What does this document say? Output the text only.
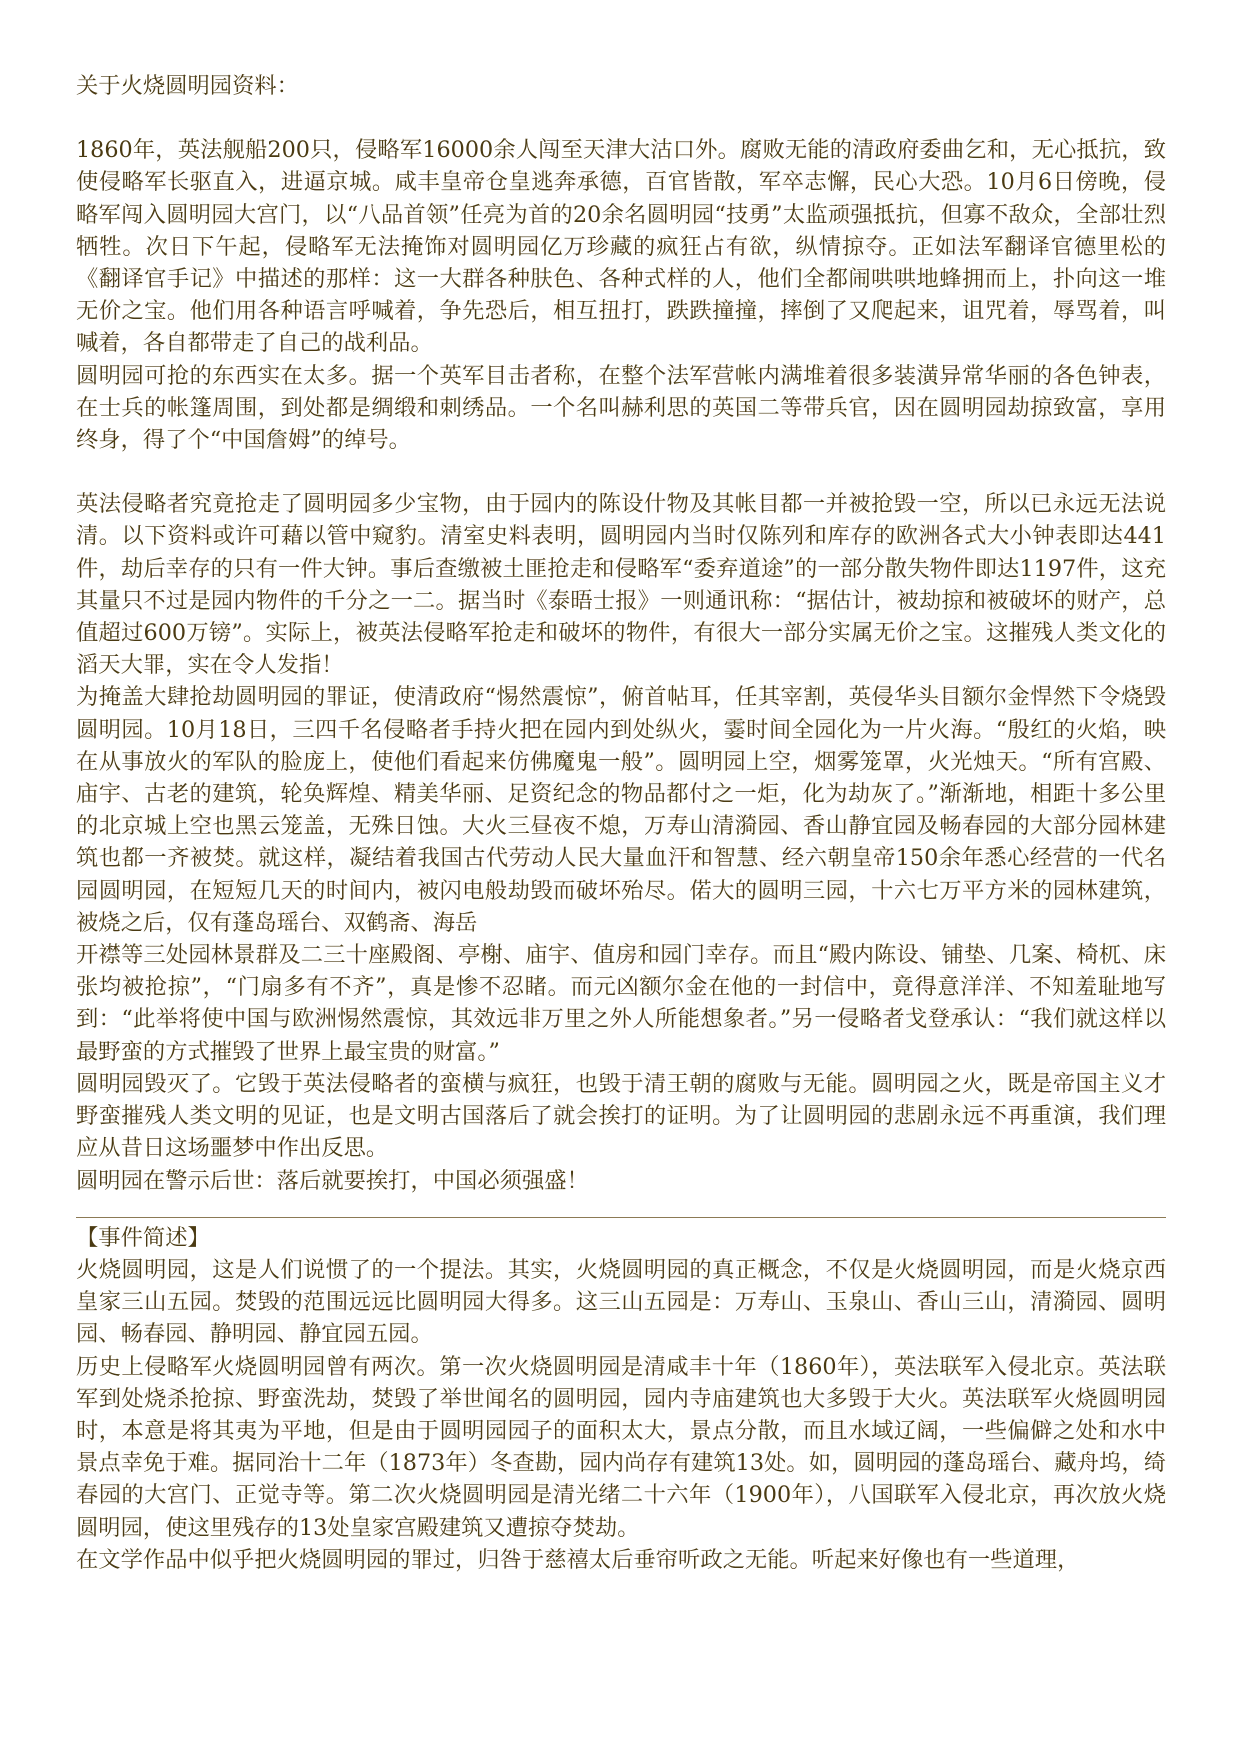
关于火烧圆明园资料：

1860年，英法舰船200只，侵略军16000余人闯至天津大沽口外。腐败无能的清政府委曲乞和，无心抵抗，致使侵略军长驱直入，进逼京城。咸丰皇帝仓皇逃奔承德，百官皆散，军卒志懈，民心大恐。10月6日傍晚，侵略军闯入圆明园大宫门，以“八品首领”任亮为首的20余名圆明园“技勇”太监顽强抵抗，但寡不敌众，全部壮烈牺牲。次日下午起，侵略军无法掩饰对圆明园亿万珍藏的疯狂占有欲，纵情掠夺。正如法军翻译官德里松的《翻译官手记》中描述的那样：这一大群各种肤色、各种式样的人，他们全都闹哄哄地蜂拥而上，扑向这一堆无价之宝。他们用各种语言呼喊着，争先恐后，相互扭打，跌跌撞撞，摔倒了又爬起来，诅咒着，辱骂着，叫喊着，各自都带走了自己的战利品。

圆明园可抢的东西实在太多。据一个英军目击者称，在整个法军营帐内满堆着很多装潢异常华丽的各色钟表，在士兵的帐篷周围，到处都是绸缎和刺绣品。一个名叫赫利思的英国二等带兵官，因在圆明园劫掠致富，享用终身，得了个“中国詹姆”的绰号。

英法侵略者究竟抢走了圆明园多少宝物，由于园内的陈设什物及其帐目都一并被抢毁一空，所以已永远无法说清。以下资料或许可藉以管中窥豹。清室史料表明，圆明园内当时仅陈列和库存的欧洲各式大小钟表即达441件，劫后幸存的只有一件大钟。事后查缴被土匪抢走和侵略军“委弃道途”的一部分散失物件即达1197件，这充其量只不过是园内物件的千分之一二。据当时《泰晤士报》一则通讯称：“据估计，被劫掠和被破坏的财产，总值超过600万镑”。实际上，被英法侵略军抢走和破坏的物件，有很大一部分实属无价之宝。这摧残人类文化的滔天大罪，实在令人发指！

为掩盖大肆抢劫圆明园的罪证，使清政府“惕然震惊”，俯首帖耳，任其宰割，英侵华头目额尔金悍然下令烧毁圆明园。10月18日，三四千名侵略者手持火把在园内到处纵火，霎时间全园化为一片火海。“殷红的火焰，映在从事放火的军队的脸庞上，使他们看起来仿佛魔鬼一般”。圆明园上空，烟雾笼罩，火光烛天。“所有宫殿、庙宇、古老的建筑，轮奂辉煌、精美华丽、足资纪念的物品都付之一炬，化为劫灰了。”渐渐地，相距十多公里的北京城上空也黑云笼盖，无殊日蚀。大火三昼夜不熄，万寿山清漪园、香山静宜园及畅春园的大部分园林建筑也都一齐被焚。就这样，凝结着我国古代劳动人民大量血汗和智慧、经六朝皇帝150余年悉心经营的一代名园圆明园，在短短几天的时间内，被闪电般劫毁而破坏殆尽。偌大的圆明三园，十六七万平方米的园林建筑，被烧之后，仅有蓬岛瑶台、双鹤斋、海岳

开襟等三处园林景群及二三十座殿阁、亭榭、庙宇、值房和园门幸存。而且“殿内陈设、铺垫、几案、椅杌、床张均被抢掠”，“门扇多有不齐”，真是惨不忍睹。而元凶额尔金在他的一封信中，竟得意洋洋、不知羞耻地写到：“此举将使中国与欧洲惕然震惊，其效远非万里之外人所能想象者。”另一侵略者戈登承认：“我们就这样以最野蛮的方式摧毁了世界上最宝贵的财富。”

圆明园毁灭了。它毁于英法侵略者的蛮横与疯狂，也毁于清王朝的腐败与无能。圆明园之火，既是帝国主义才野蛮摧残人类文明的见证，也是文明古国落后了就会挨打的证明。为了让圆明园的悲剧永远不再重演，我们理应从昔日这场噩梦中作出反思。

圆明园在警示后世：落后就要挨打，中国必须强盛！

【事件简述】

火烧圆明园，这是人们说惯了的一个提法。其实，火烧圆明园的真正概念，不仅是火烧圆明园，而是火烧京西皇家三山五园。焚毁的范围远远比圆明园大得多。这三山五园是：万寿山、玉泉山、香山三山，清漪园、圆明园、畅春园、静明园、静宜园五园。

历史上侵略军火烧圆明园曾有两次。第一次火烧圆明园是清咸丰十年（1860年），英法联军入侵北京。英法联军到处烧杀抢掠、野蛮洗劫，焚毁了举世闻名的圆明园，园内寺庙建筑也大多毁于大火。英法联军火烧圆明园时，本意是将其夷为平地，但是由于圆明园园子的面积太大，景点分散，而且水域辽阔，一些偏僻之处和水中景点幸免于难。据同治十二年（1873年）冬查勘，园内尚存有建筑13处。如，圆明园的蓬岛瑶台、藏舟坞，绮春园的大宫门、正觉寺等。第二次火烧圆明园是清光绪二十六年（1900年），八国联军入侵北京，再次放火烧圆明园，使这里残存的13处皇家宫殿建筑又遭掠夺焚劫。

在文学作品中似乎把火烧圆明园的罪过，归咎于慈禧太后垂帘听政之无能。听起来好像也有一些道理，
